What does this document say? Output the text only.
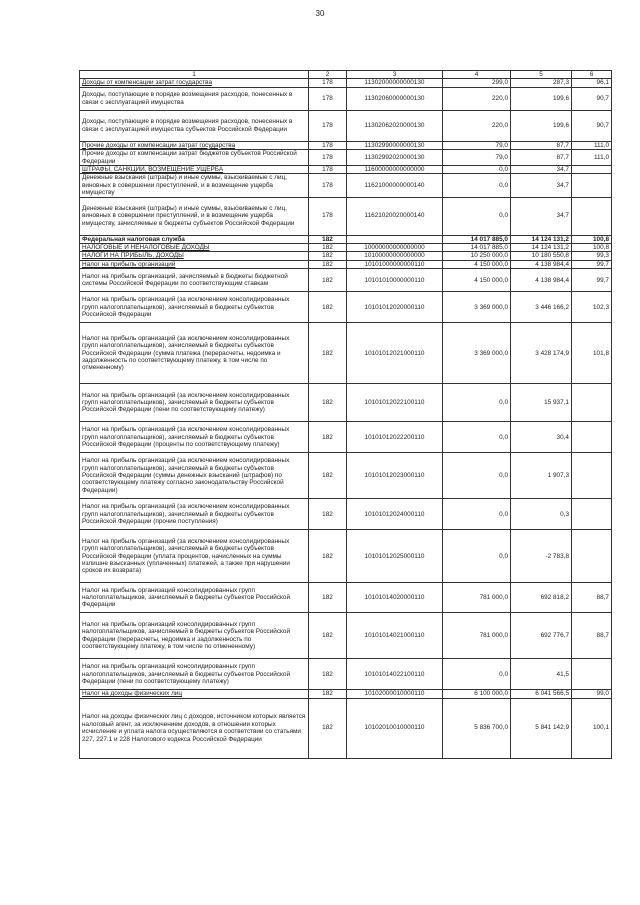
30
1	2	3	4	5	6
Доходы от компенсации затрат государства	178	11302000000000130	299,0	287,3	96,1
Доходы, поступающие в порядке возмещения расходов, понесенных в связи с эксплуатацией имущества	178	11302060000000130	220,0	199,6	90,7
Доходы, поступающие в порядке возмещения расходов, понесенных в связи с эксплуатацией имущества субъектов Российской Федерации	178	11302062020000130	220,0	199,6	90,7
Прочие доходы от компенсации затрат государства	178	11302990000000130	79,0	87,7	111,0
Прочие доходы от компенсации затрат бюджетов субъектов Российской Федерации	178	11302992020000130	79,0	87,7	111,0
ШТРАФЫ, САНКЦИИ, ВОЗМЕЩЕНИЕ УЩЕРБА	178	11600000000000000	0,0	34,7	
Денежные взыскания (штрафы) и иные суммы, взыскиваемые с лиц, виновных в совершении преступлений, и в возмещение ущерба имуществу	178	11621000000000140	0,0	34,7	
Денежные взыскания (штрафы) и иные суммы, взыскиваемые с лиц, виновных в совершении преступлений, и в возмещение ущерба имуществу, зачисляемые в бюджеты субъектов Российской Федерации	178	11621020020000140	0,0	34,7	
Федеральная налоговая служба	182		14 017 885,0	14 124 131,2	100,8
НАЛОГОВЫЕ И НЕНАЛОГОВЫЕ ДОХОДЫ	182	10000000000000000	14 017 885,0	14 124 131,2	100,8
НАЛОГИ НА ПРИБЫЛЬ, ДОХОДЫ	182	10100000000000000	10 250 000,0	10 180 550,8	99,3
Налог на прибыль организаций	182	10101000000000110	4 150 000,0	4 138 984,4	99,7
Налог на прибыль организаций, зачисляемый в бюджеты бюджетной системы Российской Федерации по соответствующим ставкам	182	10101010000000110	4 150 000,0	4 138 984,4	99,7
Налог на прибыль организаций (за исключением консолидированных групп налогоплательщиков), зачисляемый в бюджеты субъектов Российской Федерации	182	10101012020000110	3 369 000,0	3 446 166,2	102,3
Налог на прибыль организаций (за исключением консолидированных групп налогоплательщиков), зачисляемый в бюджеты субъектов Российской Федерации (сумма платежа (перерасчеты, недоимка и задолженность по соответствующему платежу, в том числе по отмененному)	182	10101012021000110	3 369 000,0	3 428 174,9	101,8
Налог на прибыль организаций (за исключением консолидированных групп налогоплательщиков), зачисляемый в бюджеты субъектов Российской Федерации (пени по соответствующему платежу)	182	10101012022100110	0,0	15 937,1	
Налог на прибыль организаций (за исключением консолидированных групп налогоплательщиков), зачисляемый в бюджеты субъектов Российской Федерации (проценты по соответствующему платежу)	182	10101012022200110	0,0	30,4	
Налог на прибыль организаций (за исключением консолидированных групп налогоплательщиков), зачисляемый в бюджеты субъектов Российской Федерации (суммы денежных взысканий (штрафов) по соответствующему платежу согласно законодательству Российской Федерации)	182	10101012023000110	0,0	1 907,3	
Налог на прибыль организаций (за исключением консолидированных групп налогоплательщиков), зачисляемый в бюджеты субъектов Российской Федерации (прочие поступления)	182	10101012024000110	0,0	0,3	
Налог на прибыль организаций (за исключением консолидированных групп налогоплательщиков), зачисляемый в бюджеты субъектов Российской Федерации (уплата процентов, начисленных на суммы излишне взысканных (уплаченных) платежей, а также при нарушении сроков их возврата)	182	10101012025000110	0,0	-2 783,8	
Налог на прибыль организаций консолидированных групп налогоплательщиков, зачисляемый в бюджеты субъектов Российской Федерации	182	10101014020000110	781 000,0	692 818,2	88,7
Налог на прибыль организаций консолидированных групп налогоплательщиков, зачисляемый в бюджеты субъектов Российской Федерации (перерасчеты, недоимка и задолженность по соответствующему платежу, в том числе по отмененному)	182	10101014021000110	781 000,0	692 776,7	88,7
Налог на прибыль организаций консолидированных групп налогоплательщиков, зачисляемый в бюджеты субъектов Российской Федерации (пени по соответствующему платежу)	182	10101014022100110	0,0	41,5	
Налог на доходы физических лиц	182	10102000010000110	6 100 000,0	6 041 566,5	99,0
Налог на доходы физических лиц с доходов, источником которых является налоговый агент, за исключением доходов, в отношении которых исчисление и уплата налога осуществляются в соответствии со статьями 227, 227.1 и 228 Налогового кодекса Российской Федерации	182	10102010010000110	5 836 700,0	5 841 142,9	100,1
